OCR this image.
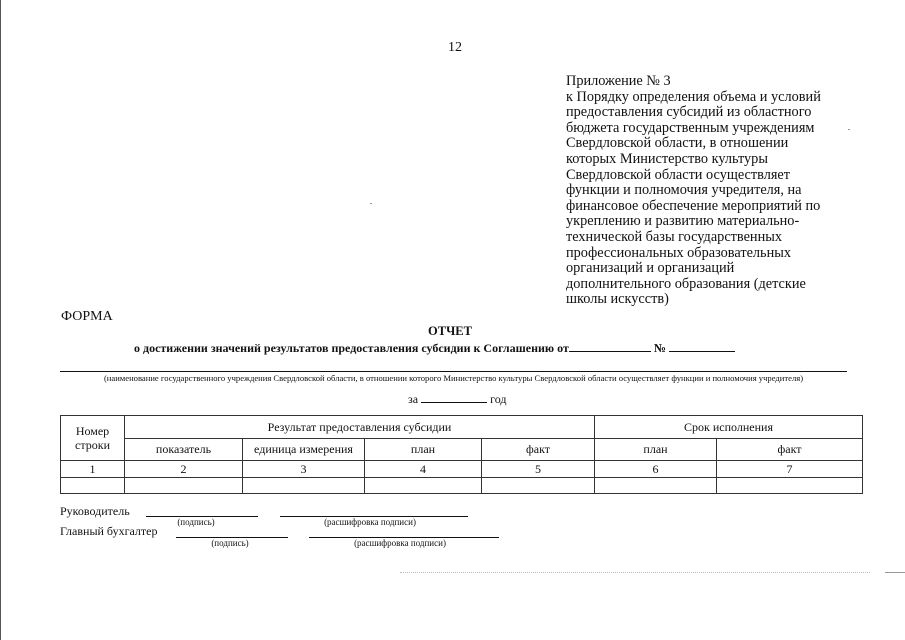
12
Приложение № 3
к Порядку определения объема и условий
предоставления субсидий из областного
бюджета государственным учреждениям
Свердловской области, в отношении
которых Министерство культуры
Свердловской области осуществляет
функции и полномочия учредителя, на
финансовое обеспечение мероприятий по
укреплению и развитию материально-
технической базы государственных
профессиональных образовательных
организаций и организаций
дополнительного образования (детские
школы искусств)
ФОРМА
ОТЧЕТ
о достижении значений результатов предоставления субсидии к Соглашению от	№
(наименование государственного учреждения Свердловской области, в отношении которого Министерство культуры Свердловской области осуществляет функции и полномочия учредителя)
за	год
Номер строки	Результат предоставления субсидии				Срок исполнения	
	показатель	единица измерения	план	факт	план	факт
1	2	3	4	5	6	7

Руководитель
(подпись)	(расшифровка подписи)
Главный бухгалтер
(подпись)	(расшифровка подписи)
